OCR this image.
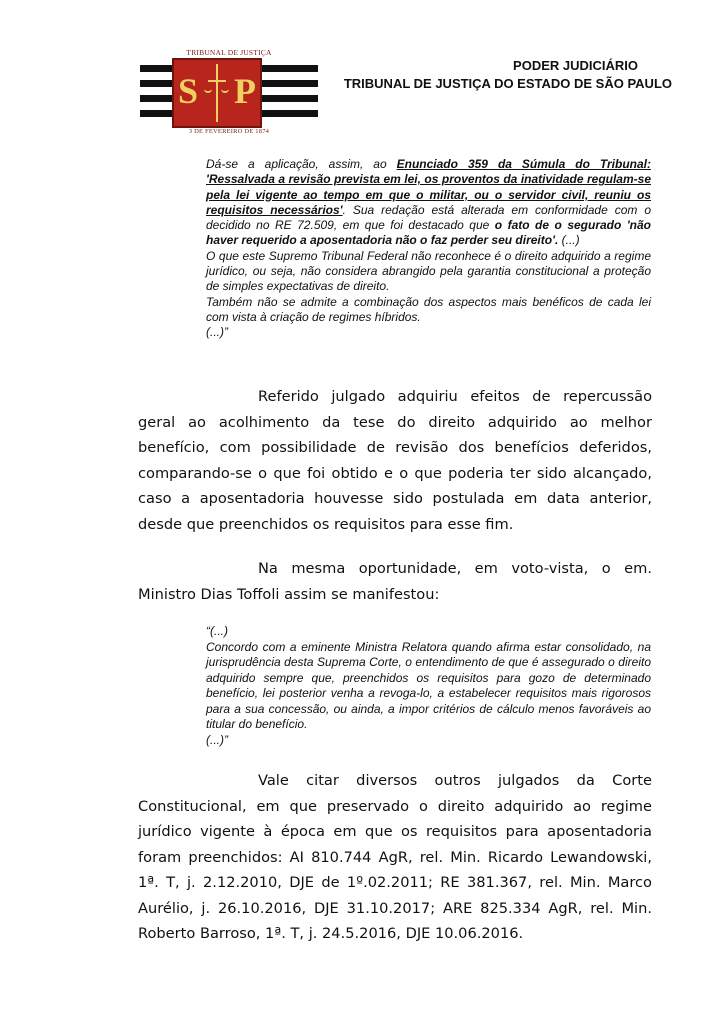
TRIBUNAL DE JUSTIÇA
S P
3 DE FEVEREIRO DE 1874
PODER JUDICIÁRIO
TRIBUNAL DE JUSTIÇA DO ESTADO DE SÃO PAULO

Dá-se a aplicação, assim, ao Enunciado 359 da Súmula do Tribunal: 'Ressalvada a revisão prevista em lei, os proventos da inatividade regulam-se pela lei vigente ao tempo em que o militar, ou o servidor civil, reuniu os requisitos necessários'. Sua redação está alterada em conformidade com o decidido no RE 72.509, em que foi destacado que o fato de o segurado 'não haver requerido a aposentadoria não o faz perder seu direito'. (...)

O que este Supremo Tribunal Federal não reconhece é o direito adquirido a regime jurídico, ou seja, não considera abrangido pela garantia constitucional a proteção de simples expectativas de direito.

Também não se admite a combinação dos aspectos mais benéficos de cada lei com vista à criação de regimes híbridos.

(...)”

Referido julgado adquiriu efeitos de repercussão geral ao acolhimento da tese do direito adquirido ao melhor benefício, com possibilidade de revisão dos benefícios deferidos, comparando-se o que foi obtido e o que poderia ter sido alcançado, caso a aposentadoria houvesse sido postulada em data anterior, desde que preenchidos os requisitos para esse fim.
Na mesma oportunidade, em voto-vista, o em. Ministro Dias Toffoli assim se manifestou:

“(...)

Concordo com a eminente Ministra Relatora quando afirma estar consolidado, na jurisprudência desta Suprema Corte, o entendimento de que é assegurado o direito adquirido sempre que, preenchidos os requisitos para gozo de determinado benefício, lei posterior venha a revoga-lo, a estabelecer requisitos mais rigorosos para a sua concessão, ou ainda, a impor critérios de cálculo menos favoráveis ao titular do benefício.

(...)”

Vale citar diversos outros julgados da Corte Constitucional, em que preservado o direito adquirido ao regime jurídico vigente à época em que os requisitos para aposentadoria foram preenchidos: AI 810.744 AgR, rel. Min. Ricardo Lewandowski, 1ª. T, j. 2.12.2010, DJE de 1º.02.2011; RE 381.367, rel. Min. Marco Aurélio, j. 26.10.2016, DJE 31.10.2017; ARE 825.334 AgR, rel. Min. Roberto Barroso, 1ª. T, j. 24.5.2016, DJE 10.06.2016.
